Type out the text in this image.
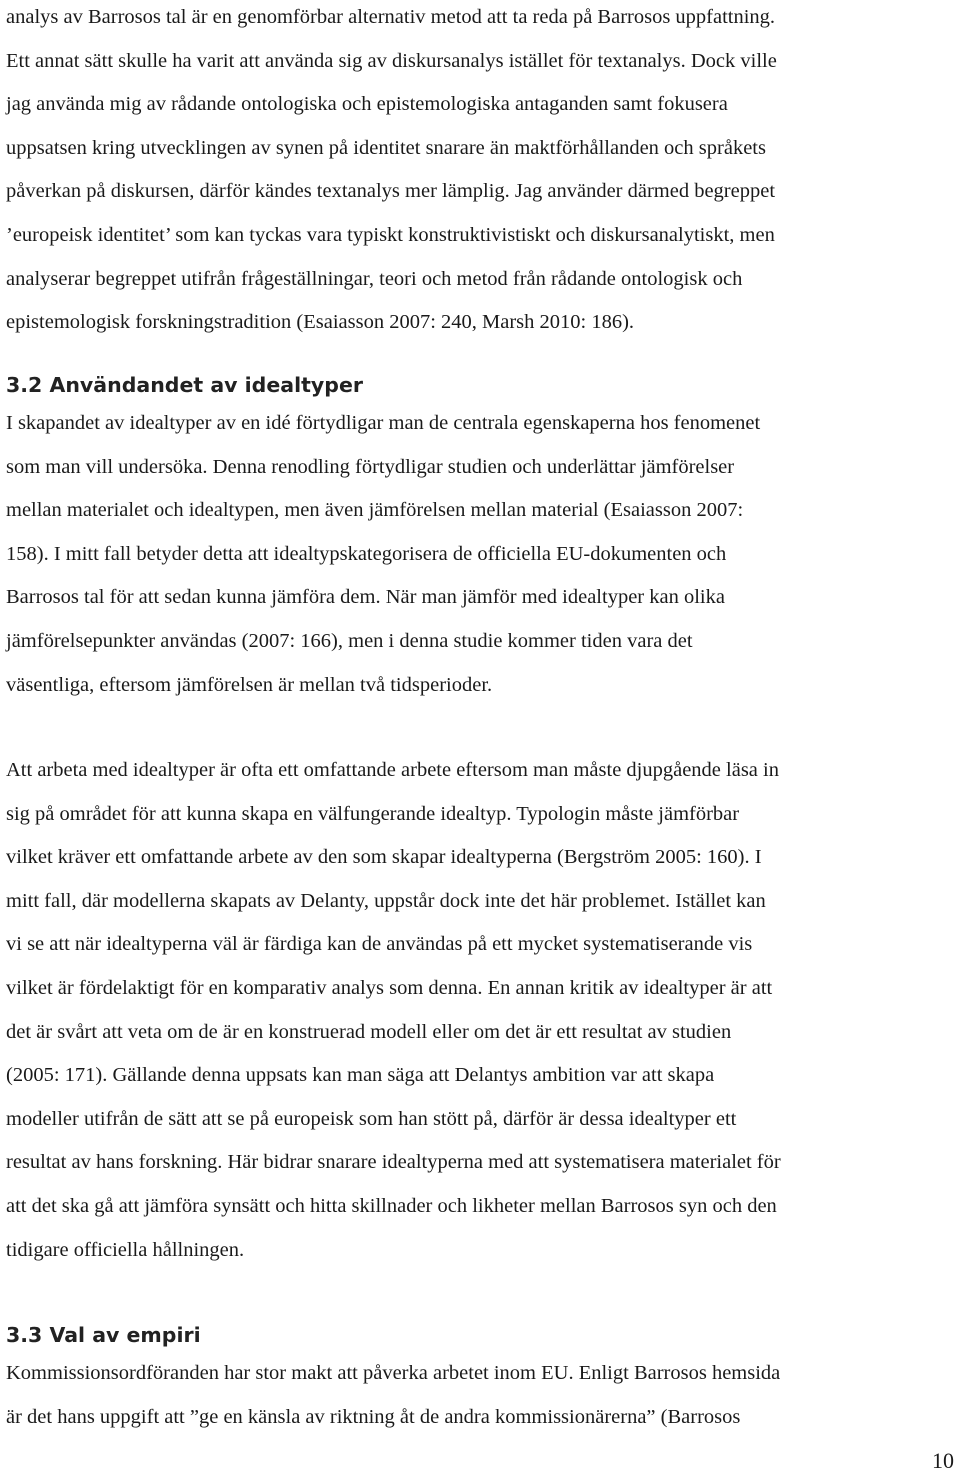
analys av Barrosos tal är en genomförbar alternativ metod att ta reda på Barrosos uppfattning.
Ett annat sätt skulle ha varit att använda sig av diskursanalys istället för textanalys. Dock ville
jag använda mig av rådande ontologiska och epistemologiska antaganden samt fokusera
uppsatsen kring utvecklingen av synen på identitet snarare än maktförhållanden och språkets
påverkan på diskursen, därför kändes textanalys mer lämplig. Jag använder därmed begreppet
’europeisk identitet’ som kan tyckas vara typiskt konstruktivistiskt och diskursanalytiskt, men
analyserar begreppet utifrån frågeställningar, teori och metod från rådande ontologisk och
epistemologisk forskningstradition (Esaiasson 2007: 240, Marsh 2010: 186).
3.2 Användandet av idealtyper
I skapandet av idealtyper av en idé förtydligar man de centrala egenskaperna hos fenomenet
som man vill undersöka. Denna renodling förtydligar studien och underlättar jämförelser
mellan materialet och idealtypen, men även jämförelsen mellan material (Esaiasson 2007:
158). I mitt fall betyder detta att idealtypskategorisera de officiella EU-dokumenten och
Barrosos tal för att sedan kunna jämföra dem. När man jämför med idealtyper kan olika
jämförelsepunkter användas (2007: 166), men i denna studie kommer tiden vara det
väsentliga, eftersom jämförelsen är mellan två tidsperioder.
Att arbeta med idealtyper är ofta ett omfattande arbete eftersom man måste djupgående läsa in
sig på området för att kunna skapa en välfungerande idealtyp. Typologin måste jämförbar
vilket kräver ett omfattande arbete av den som skapar idealtyperna (Bergström 2005: 160). I
mitt fall, där modellerna skapats av Delanty, uppstår dock inte det här problemet. Istället kan
vi se att när idealtyperna väl är färdiga kan de användas på ett mycket systematiserande vis
vilket är fördelaktigt för en komparativ analys som denna. En annan kritik av idealtyper är att
det är svårt att veta om de är en konstruerad modell eller om det är ett resultat av studien
(2005: 171). Gällande denna uppsats kan man säga att Delantys ambition var att skapa
modeller utifrån de sätt att se på europeisk som han stött på, därför är dessa idealtyper ett
resultat av hans forskning. Här bidrar snarare idealtyperna med att systematisera materialet för
att det ska gå att jämföra synsätt och hitta skillnader och likheter mellan Barrosos syn och den
tidigare officiella hållningen.
3.3 Val av empiri
Kommissionsordföranden har stor makt att påverka arbetet inom EU. Enligt Barrosos hemsida
är det hans uppgift att ”ge en känsla av riktning åt de andra kommissionärerna” (Barrosos
10
